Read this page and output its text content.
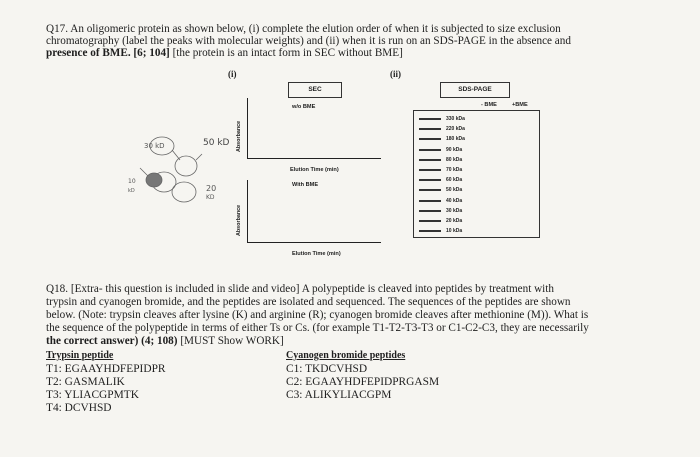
Q17. An oligomeric protein as shown below, (i) complete the elution order of when it is subjected to size exclusion
chromatography (label the peaks with molecular weights) and (ii) when it is run on an SDS-PAGE in the absence and
presence of BME. [6; 104] [the protein is an intact form in SEC without BME]
(i)	(ii)
30 kD	50 kD
20
KD
10
kD
SEC
w/o BME
Absorbance
Elution Time (min)
With BME
Absorbance
Elution Time (min)
SDS-PAGE
- BME	+BME
330 kDa
220 kDa
180 kDa
90 kDa
80 kDa
70 kDa
60 kDa
50 kDa
40 kDa
30 kDa
20 kDa
10 kDa
Q18. [Extra- this question is included in slide and video] A polypeptide is cleaved into peptides by treatment with
trypsin and cyanogen bromide, and the peptides are isolated and sequenced. The sequences of the peptides are shown
below. (Note: trypsin cleaves after lysine (K) and arginine (R); cyanogen bromide cleaves after methionine (M)). What is
the sequence of the polypeptide in terms of either Ts or Cs. (for example T1-T2-T3-T3 or C1-C2-C3, they are necessarily
the correct answer) (4; 108) [MUST Show WORK]
Trypsin peptide
T1: EGAAYHDFEPIDPR
T2: GASMALIK
T3: YLIACGPMTK
T4: DCVHSD
Cyanogen bromide peptides
C1: TKDCVHSD
C2: EGAAYHDFEPIDPRGASM
C3: ALIKYLIACGPM
